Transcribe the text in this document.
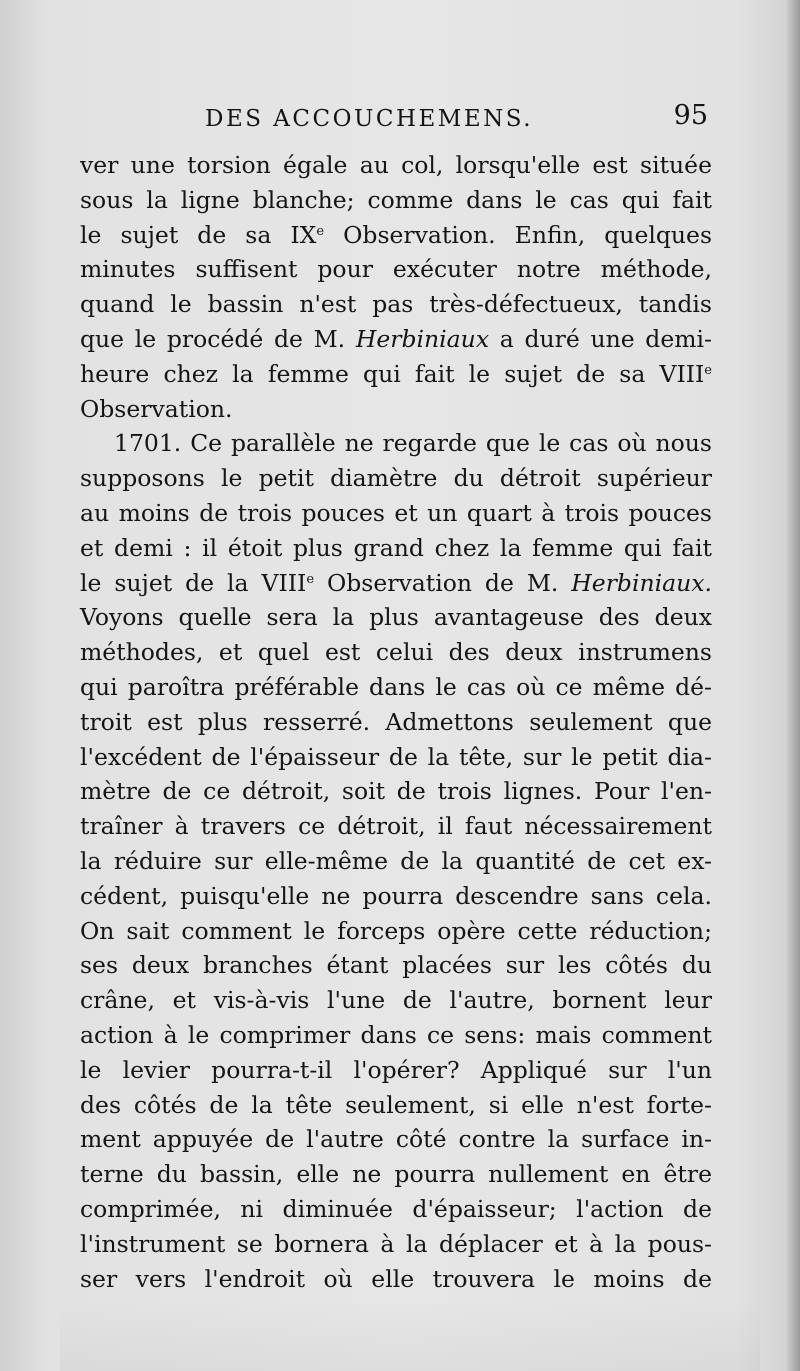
DES ACCOUCHEMENS.	95
ver une torsion égale au col, lorsqu'elle est située
sous la ligne blanche; comme dans le cas qui fait
le sujet de sa IXe Observation. Enfin, quelques
minutes suffisent pour exécuter notre méthode,
quand le bassin n'est pas très-défectueux, tandis
que le procédé de M. Herbiniaux a duré une demi-
heure chez la femme qui fait le sujet de sa VIIIe
Observation.
1701. Ce parallèle ne regarde que le cas où nous
supposons le petit diamètre du détroit supérieur
au moins de trois pouces et un quart à trois pouces
et demi : il étoit plus grand chez la femme qui fait
le sujet de la VIIIe Observation de M. Herbiniaux.
Voyons quelle sera la plus avantageuse des deux
méthodes, et quel est celui des deux instrumens
qui paroîtra préférable dans le cas où ce même dé-
troit est plus resserré. Admettons seulement que
l'excédent de l'épaisseur de la tête, sur le petit dia-
mètre de ce détroit, soit de trois lignes. Pour l'en-
traîner à travers ce détroit, il faut nécessairement
la réduire sur elle-même de la quantité de cet ex-
cédent, puisqu'elle ne pourra descendre sans cela.
On sait comment le forceps opère cette réduction;
ses deux branches étant placées sur les côtés du
crâne, et vis-à-vis l'une de l'autre, bornent leur
action à le comprimer dans ce sens: mais comment
le levier pourra-t-il l'opérer? Appliqué sur l'un
des côtés de la tête seulement, si elle n'est forte-
ment appuyée de l'autre côté contre la surface in-
terne du bassin, elle ne pourra nullement en être
comprimée, ni diminuée d'épaisseur; l'action de
l'instrument se bornera à la déplacer et à la pous-
ser vers l'endroit où elle trouvera le moins de
